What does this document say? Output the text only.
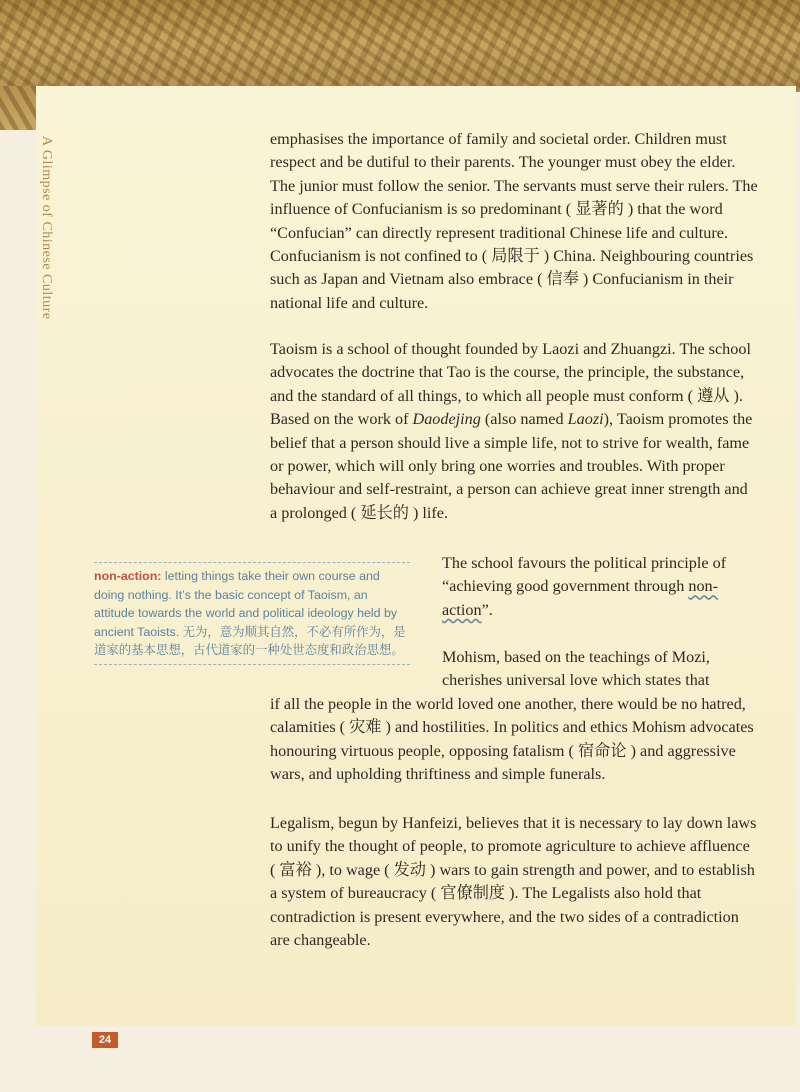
A Glimpse of Chinese Culture	emphasises the importance of family and societal order. Children must respect and be dutiful to their parents. The younger must obey the elder. The junior must follow the senior. The servants must serve their rulers. The influence of Confucianism is so predominant ( 显著的 ) that the word “Confucian” can directly represent traditional Chinese life and culture. Confucianism is not confined to ( 局限于 ) China. Neighbouring countries such as Japan and Vietnam also embrace ( 信奉 ) Confucianism in their national life and culture.

Taoism is a school of thought founded by Laozi and Zhuangzi. The school advocates the doctrine that Tao is the course, the principle, the substance, and the standard of all things, to which all people must conform ( 遵从 ). Based on the work of Daodejing (also named Laozi), Taoism promotes the belief that a person should live a simple life, not to strive for wealth, fame or power, which will only bring one worries and troubles. With proper behaviour and self-restraint, a person can achieve great inner strength and a prolonged ( 延长的 ) life.

non-action: letting things take their own course and doing nothing. It’s the basic concept of Taoism, an attitude towards the world and political ideology held by ancient Taoists. 无为，意为顺其自然，不必有所作为，是道家的基本思想，古代道家的一种处世态度和政治思想。

The school favours the political principle of “achieving good government through non-action”.

Mohism, based on the teachings of Mozi, cherishes universal love which states that
if all the people in the world loved one another, there would be no hatred, calamities ( 灾难 ) and hostilities. In politics and ethics Mohism advocates honouring virtuous people, opposing fatalism ( 宿命论 ) and aggressive wars, and upholding thriftiness and simple funerals.

Legalism, begun by Hanfeizi, believes that it is necessary to lay down laws to unify the thought of people, to promote agriculture to achieve affluence ( 富裕 ), to wage ( 发动 ) wars to gain strength and power, and to establish a system of bureaucracy ( 官僚制度 ). The Legalists also hold that contradiction is present everywhere, and the two sides of a contradiction are changeable.

24
